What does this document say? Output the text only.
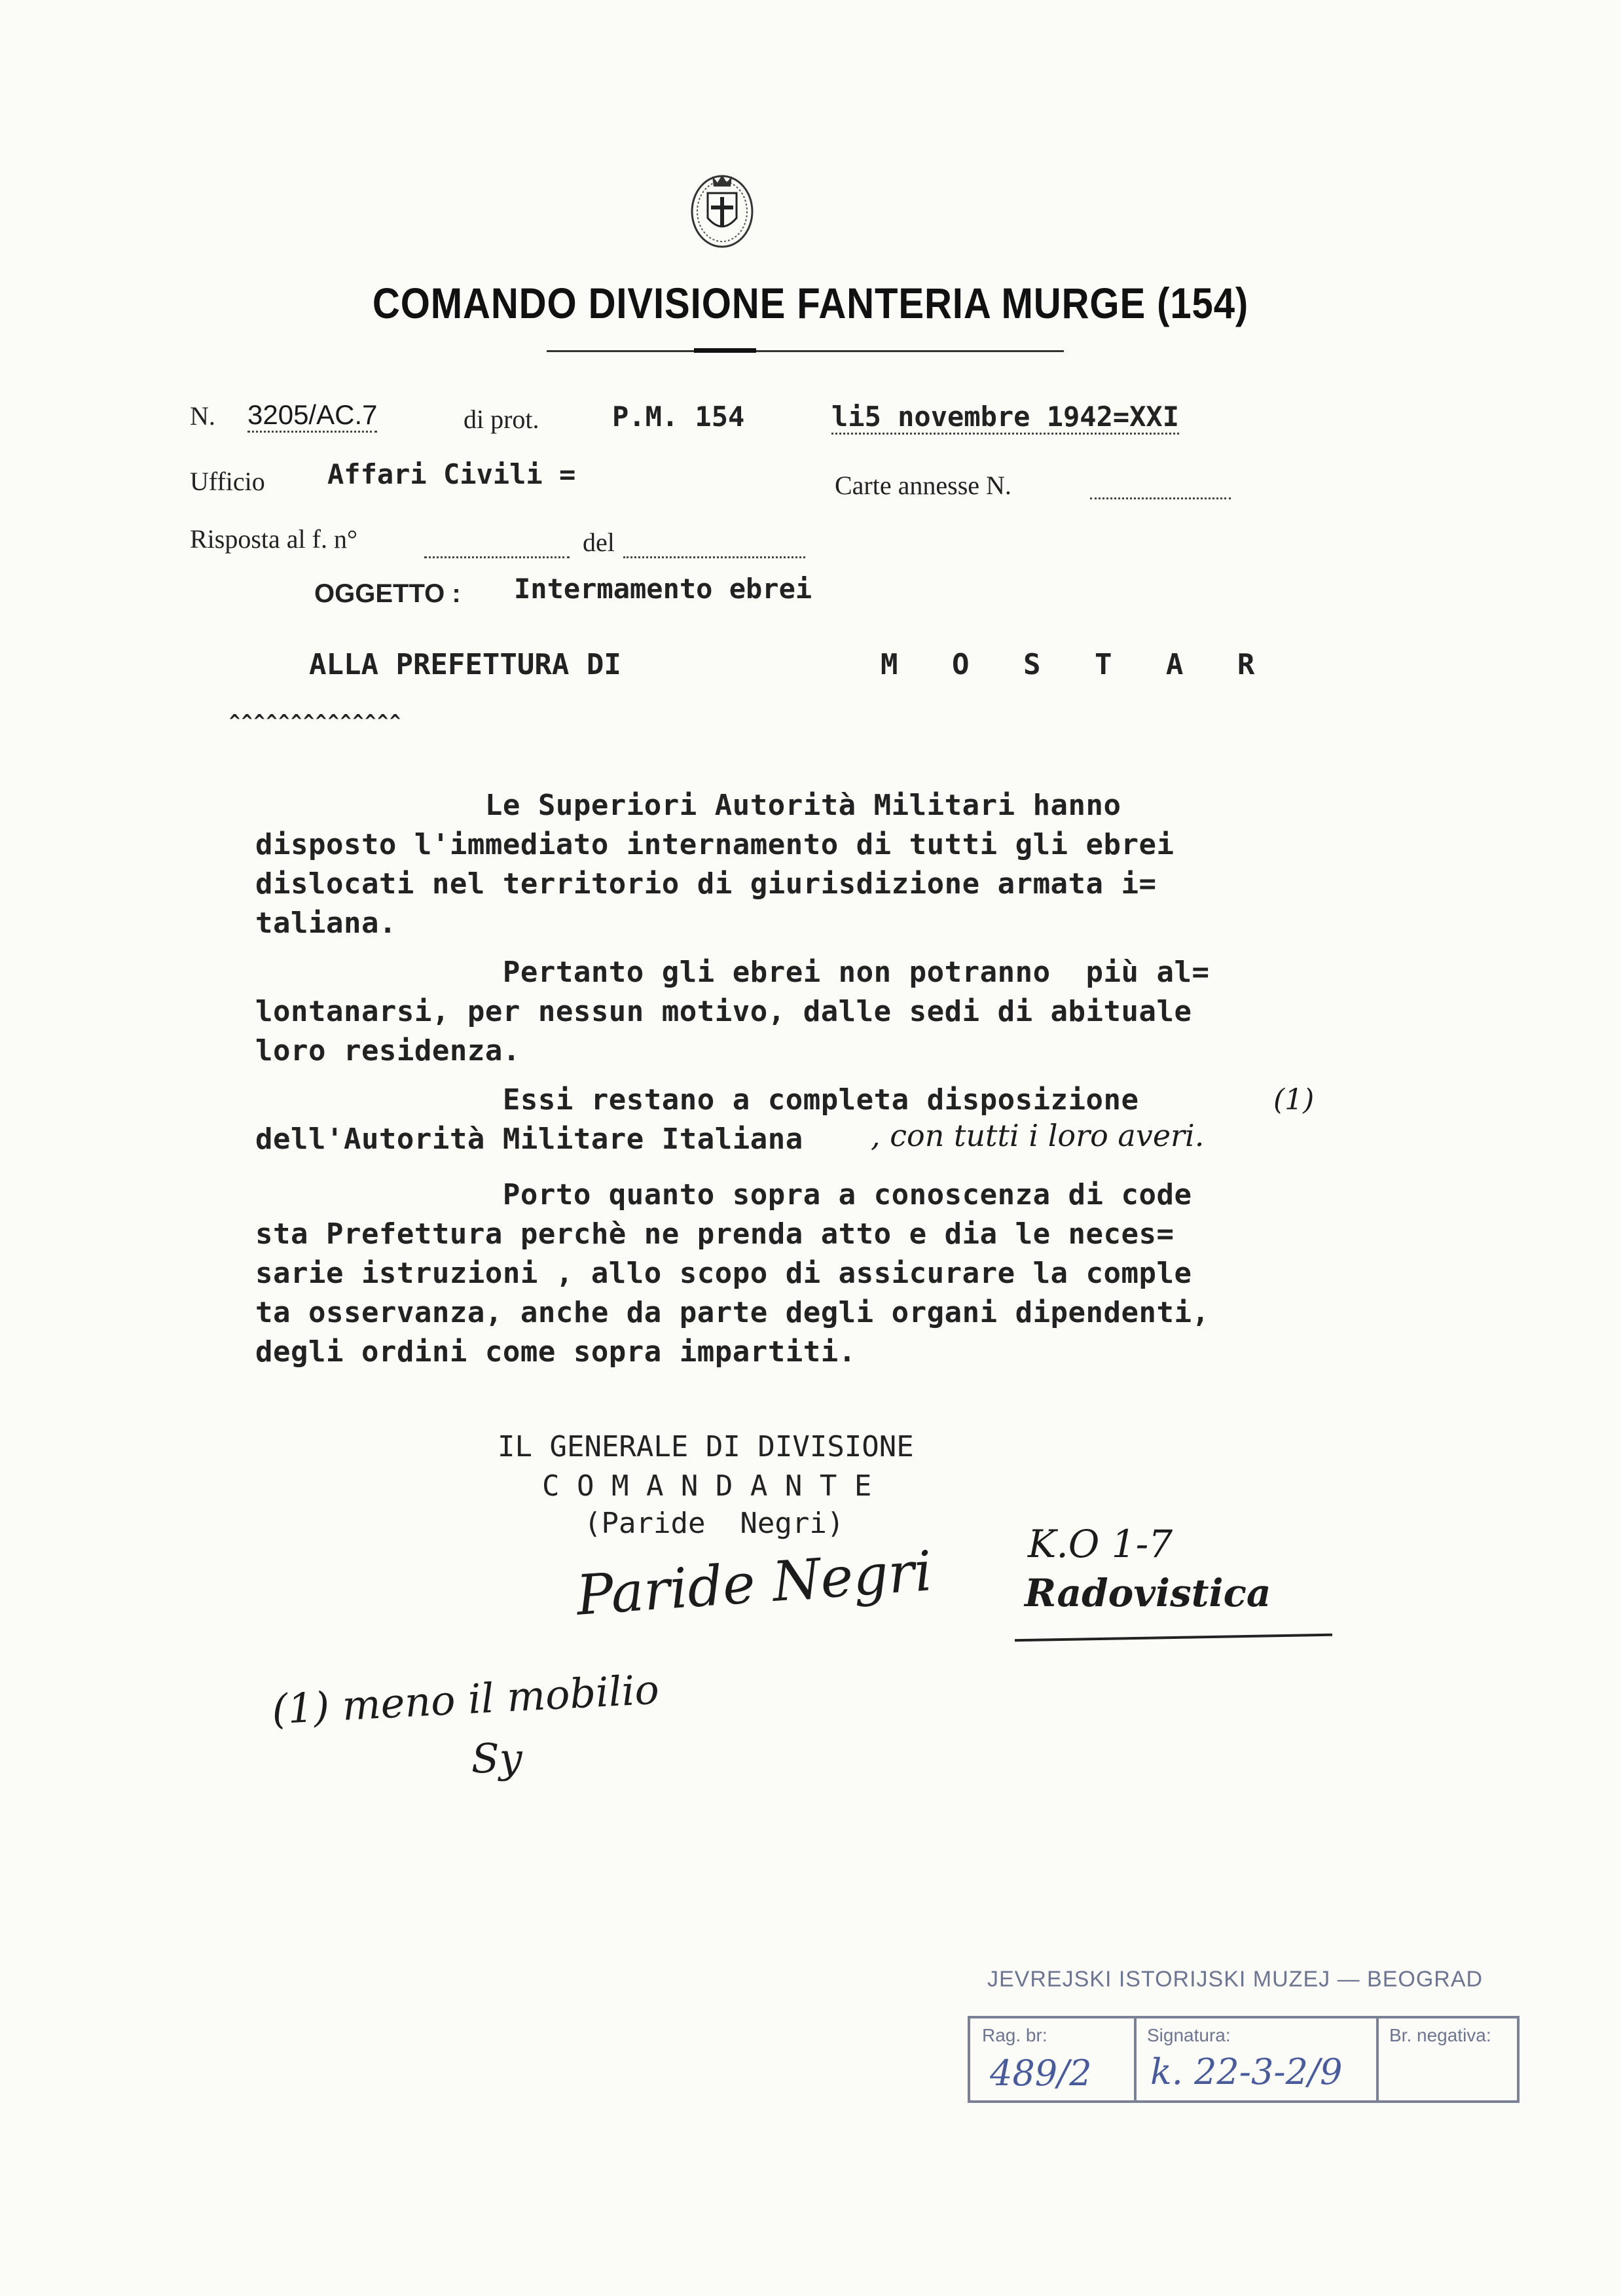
COMANDO DIVISIONE FANTERIA MURGE (154)
N. 3205/AC.7	di prot.	P.M. 154	li5 novembre 1942=XXI
Ufficio Affari Civili =	Carte annesse N.
Risposta al f. n°	del
OGGETTO : Intermamento ebrei
ALLA PREFETTURA DI	M O S T A R
^^^^^^^^^^^^^^
Le Superiori Autorità Militari hanno
disposto l'immediato internamento di tutti gli ebrei
dislocati nel territorio di giurisdizione armata i=
taliana.
Pertanto gli ebrei non potranno  più al=
lontanarsi, per nessun motivo, dalle sedi di abituale
loro residenza.
Essi restano a completa disposizione
dell'Autorità Militare Italiana , con tutti i loro averi.
(1)
Porto quanto sopra a conoscenza di code
sta Prefettura perchè ne prenda atto e dia le neces=
sarie istruzioni , allo scopo di assicurare la comple
ta osservanza, anche da parte degli organi dipendenti,
degli ordini come sopra impartiti.
IL GENERALE DI DIVISIONE
C O M A N D A N T E
(Paride  Negri)
Paride Negri K.O 1-7
Radovistica
(1) meno il mobilio
Sy
JEVREJSKI ISTORIJSKI MUZEJ — BEOGRAD
Rag. br:
489/2
Signatura:
k. 22-3-2/9
Br. negativa:
